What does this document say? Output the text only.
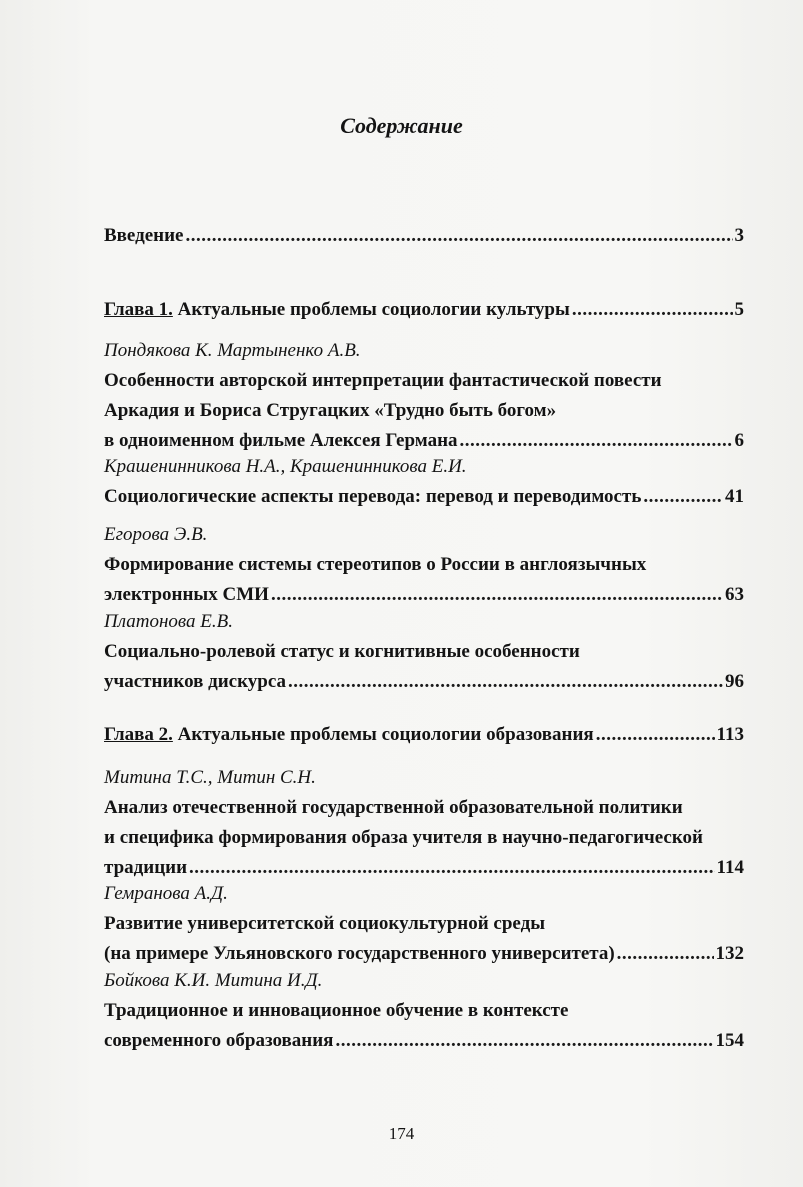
Содержание
Введение .....	3
Глава 1.
Актуальные проблемы социологии культуры .....	5
Пондякова К. Мартыненко А.В.
Особенности авторской интерпретации фантастической повести
Аркадия и Бориса Стругацких «Трудно быть богом»
в одноименном фильме Алексея Германа .....	6
Крашенинникова Н.А., Крашенинникова Е.И.
Социологические аспекты перевода: перевод и переводимость .....	41
Егорова Э.В.
Формирование системы стереотипов о России в англоязычных
электронных СМИ .....	63
Платонова Е.В.
Социально-ролевой статус и когнитивные особенности
участников дискурса .....	96
Глава 2.
Актуальные проблемы социологии образования .....	113
Митина Т.С., Митин С.Н.
Анализ отечественной государственной образовательной политики
и специфика формирования образа учителя в научно-педагогической
традиции .....	114
Гемранова А.Д.
Развитие университетской социокультурной среды
(на примере Ульяновского государственного университета) .....	132
Бойкова К.И. Митина И.Д.
Традиционное и инновационное обучение в контексте
современного образования .....	154
174
